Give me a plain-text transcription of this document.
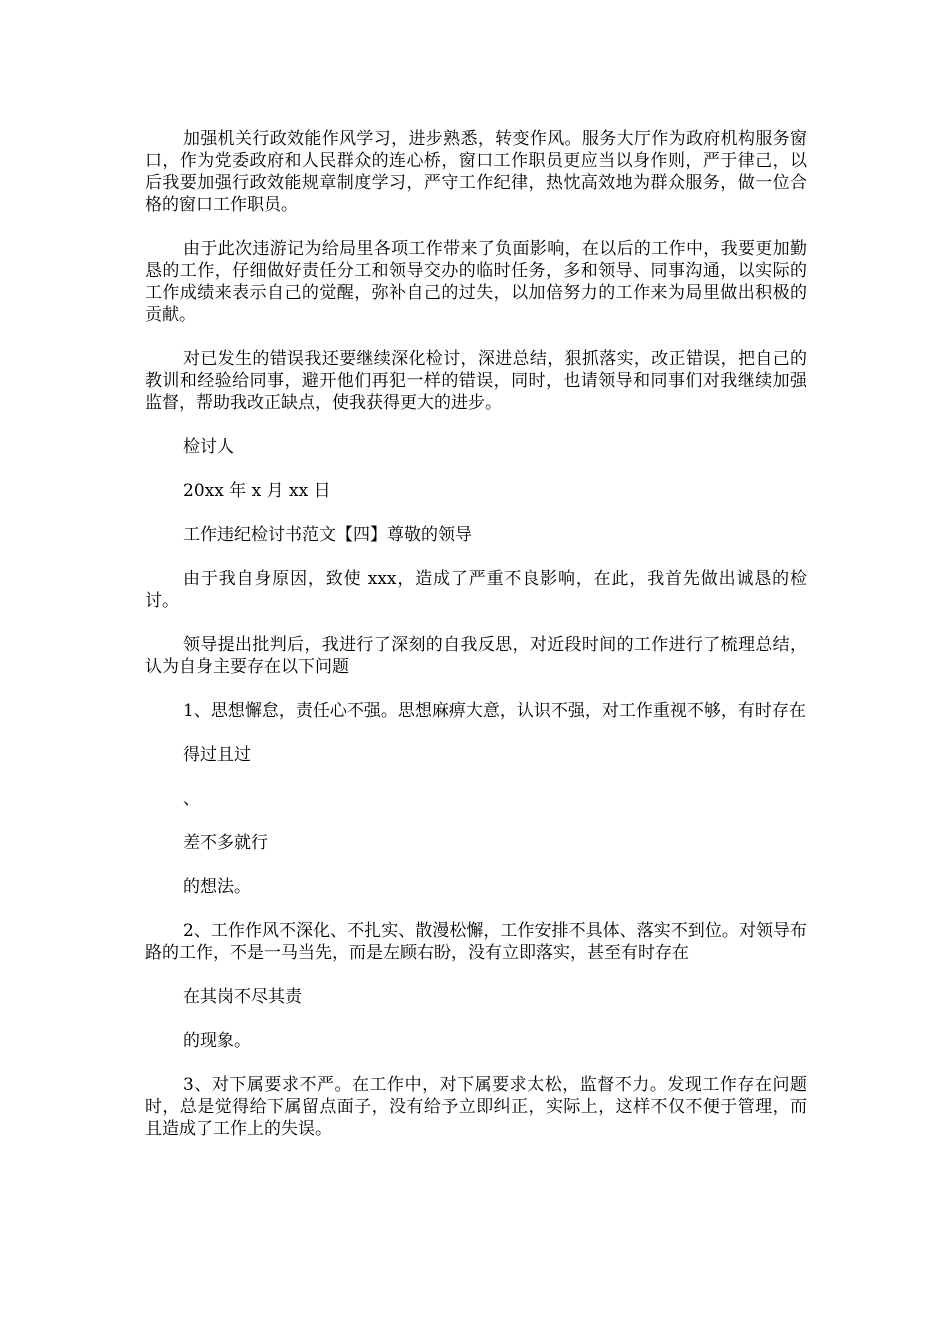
加强机关行政效能作风学习，进步熟悉，转变作风。服务大厅作为政府机构服务窗口，作为党委政府和人民群众的连心桥，窗口工作职员更应当以身作则，严于律己，以后我要加强行政效能规章制度学习，严守工作纪律，热忱高效地为群众服务，做一位合格的窗口工作职员。

由于此次违游记为给局里各项工作带来了负面影响，在以后的工作中，我要更加勤恳的工作，仔细做好责任分工和领导交办的临时任务，多和领导、同事沟通，以实际的工作成绩来表示自己的觉醒，弥补自己的过失，以加倍努力的工作来为局里做出积极的贡献。

对已发生的错误我还要继续深化检讨，深进总结，狠抓落实，改正错误，把自己的教训和经验给同事，避开他们再犯一样的错误，同时，也请领导和同事们对我继续加强监督，帮助我改正缺点，使我获得更大的进步。

检讨人

20xx 年 x 月 xx 日

工作违纪检讨书范文【四】尊敬的领导

由于我自身原因，致使 xxx，造成了严重不良影响，在此，我首先做出诚恳的检讨。

领导提出批判后，我进行了深刻的自我反思，对近段时间的工作进行了梳理总结，认为自身主要存在以下问题

1、思想懈怠，责任心不强。思想麻痹大意，认识不强，对工作重视不够，有时存在

得过且过

、

差不多就行

的想法。

2、工作作风不深化、不扎实、散漫松懈，工作安排不具体、落实不到位。对领导布路的工作，不是一马当先，而是左顾右盼，没有立即落实，甚至有时存在

在其岗不尽其责

的现象。

3、对下属要求不严。在工作中，对下属要求太松，监督不力。发现工作存在问题时，总是觉得给下属留点面子，没有给予立即纠正，实际上，这样不仅不便于管理，而且造成了工作上的失误。
